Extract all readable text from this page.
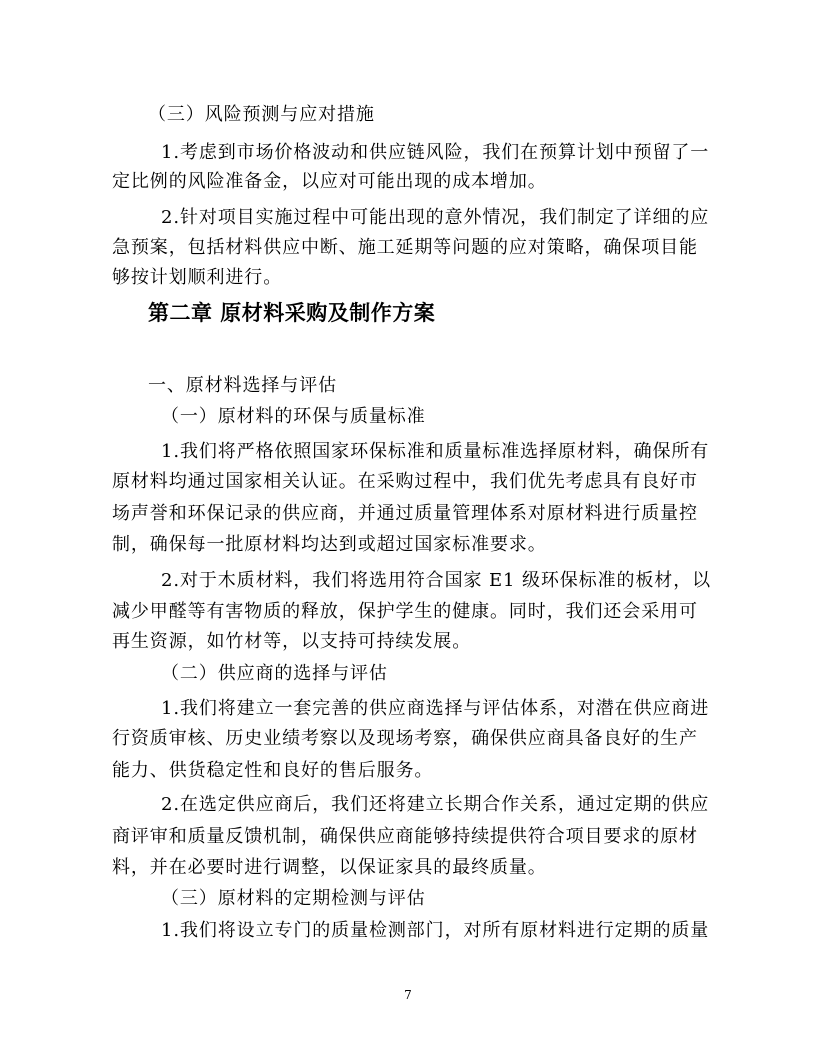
（三）风险预测与应对措施
1.考虑到市场价格波动和供应链风险，我们在预算计划中预留了一
定比例的风险准备金，以应对可能出现的成本增加。
2.针对项目实施过程中可能出现的意外情况，我们制定了详细的应
急预案，包括材料供应中断、施工延期等问题的应对策略，确保项目能
够按计划顺利进行。
第二章 原材料采购及制作方案
一、原材料选择与评估
（一）原材料的环保与质量标准
1.我们将严格依照国家环保标准和质量标准选择原材料，确保所有
原材料均通过国家相关认证。在采购过程中，我们优先考虑具有良好市
场声誉和环保记录的供应商，并通过质量管理体系对原材料进行质量控
制，确保每一批原材料均达到或超过国家标准要求。
2.对于木质材料，我们将选用符合国家 E1 级环保标准的板材，以
减少甲醛等有害物质的释放，保护学生的健康。同时，我们还会采用可
再生资源，如竹材等，以支持可持续发展。
（二）供应商的选择与评估
1.我们将建立一套完善的供应商选择与评估体系，对潜在供应商进
行资质审核、历史业绩考察以及现场考察，确保供应商具备良好的生产
能力、供货稳定性和良好的售后服务。
2.在选定供应商后，我们还将建立长期合作关系，通过定期的供应
商评审和质量反馈机制，确保供应商能够持续提供符合项目要求的原材
料，并在必要时进行调整，以保证家具的最终质量。
（三）原材料的定期检测与评估
1.我们将设立专门的质量检测部门，对所有原材料进行定期的质量
7
